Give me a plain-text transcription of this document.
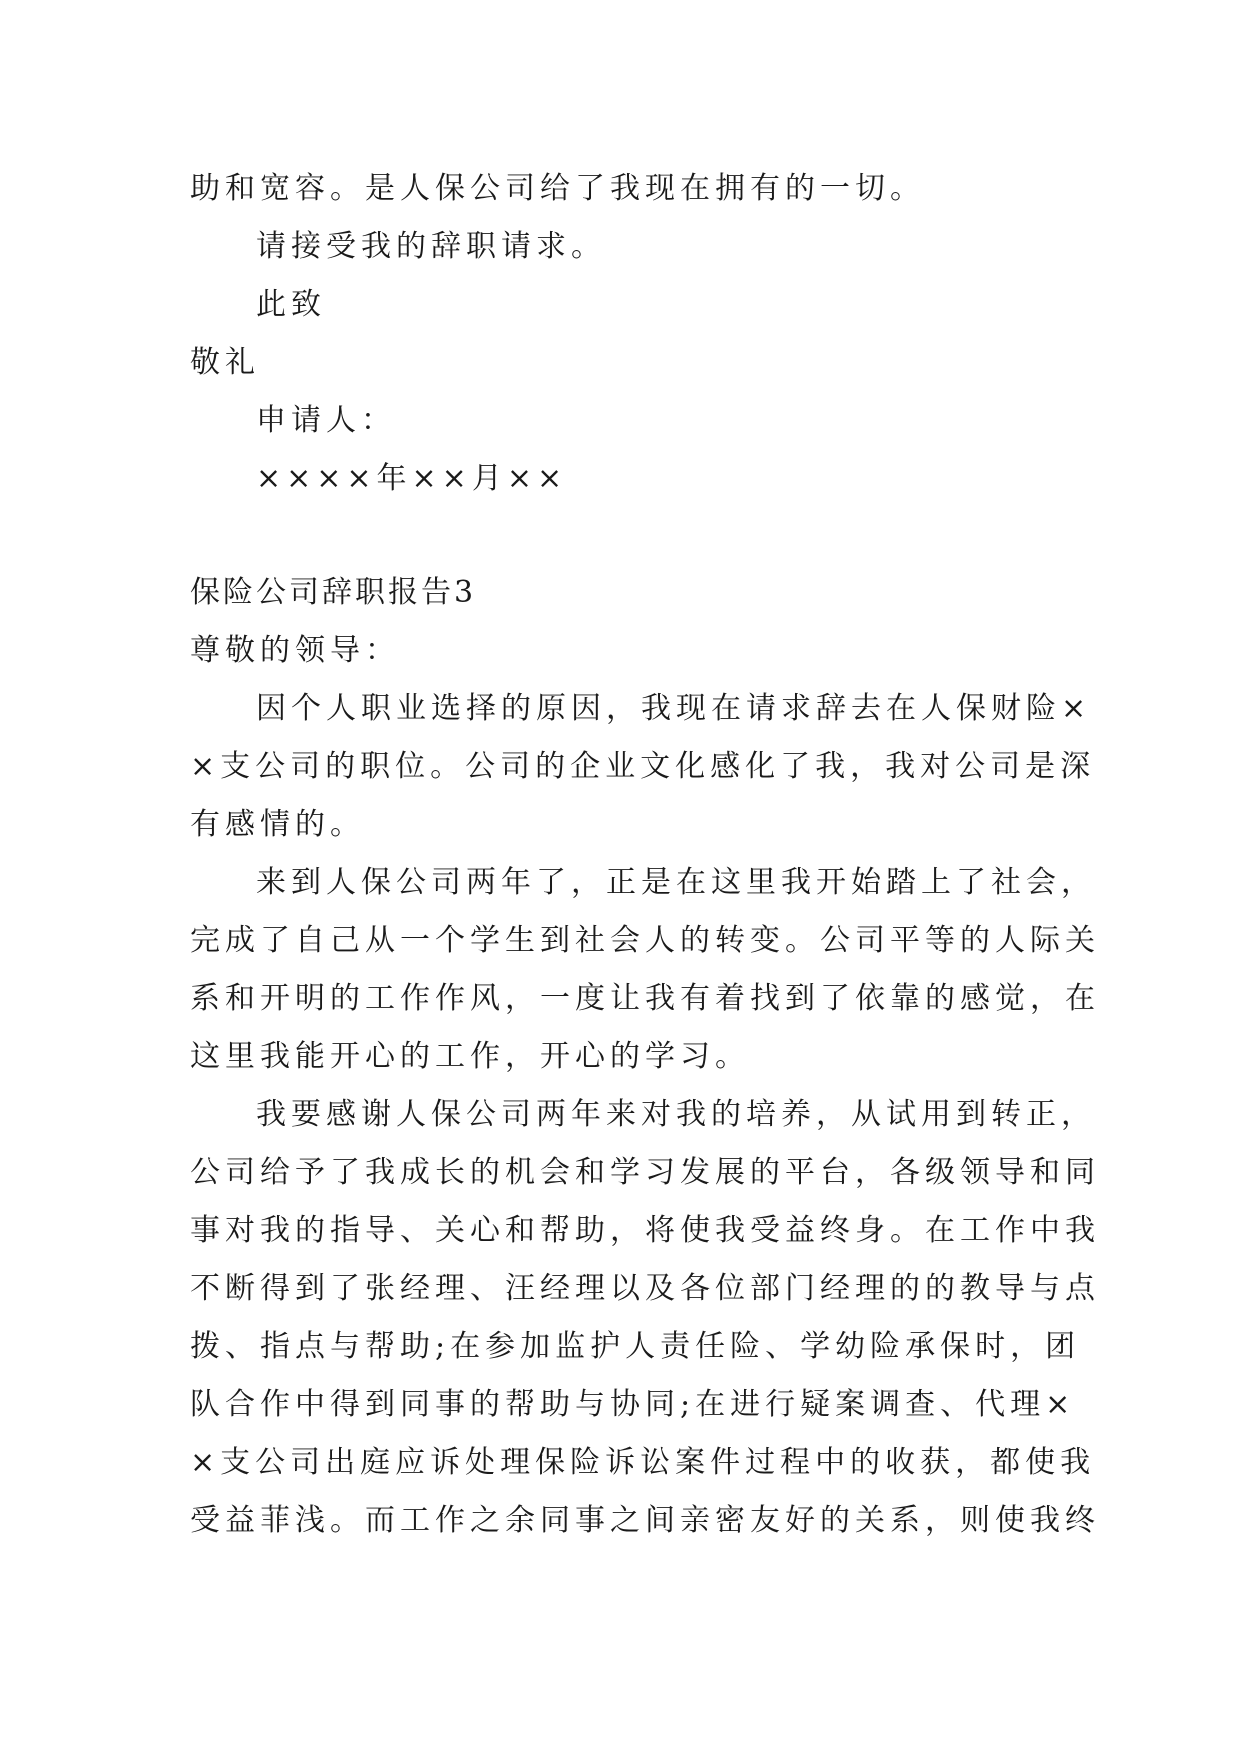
助和宽容。是人保公司给了我现在拥有的一切。
请接受我的辞职请求。
此致
敬礼
申请人：
××××年××月××
保险公司辞职报告3
尊敬的领导：
因个人职业选择的原因，我现在请求辞去在人保财险×
×支公司的职位。公司的企业文化感化了我，我对公司是深
有感情的。
来到人保公司两年了，正是在这里我开始踏上了社会，
完成了自己从一个学生到社会人的转变。公司平等的人际关
系和开明的工作作风，一度让我有着找到了依靠的感觉，在
这里我能开心的工作，开心的学习。
我要感谢人保公司两年来对我的培养，从试用到转正，
公司给予了我成长的机会和学习发展的平台，各级领导和同
事对我的指导、关心和帮助，将使我受益终身。在工作中我
不断得到了张经理、汪经理以及各位部门经理的的教导与点
拨、指点与帮助;在参加监护人责任险、学幼险承保时，团
队合作中得到同事的帮助与协同;在进行疑案调查、代理×
×支公司出庭应诉处理保险诉讼案件过程中的收获，都使我
受益菲浅。而工作之余同事之间亲密友好的关系，则使我终
